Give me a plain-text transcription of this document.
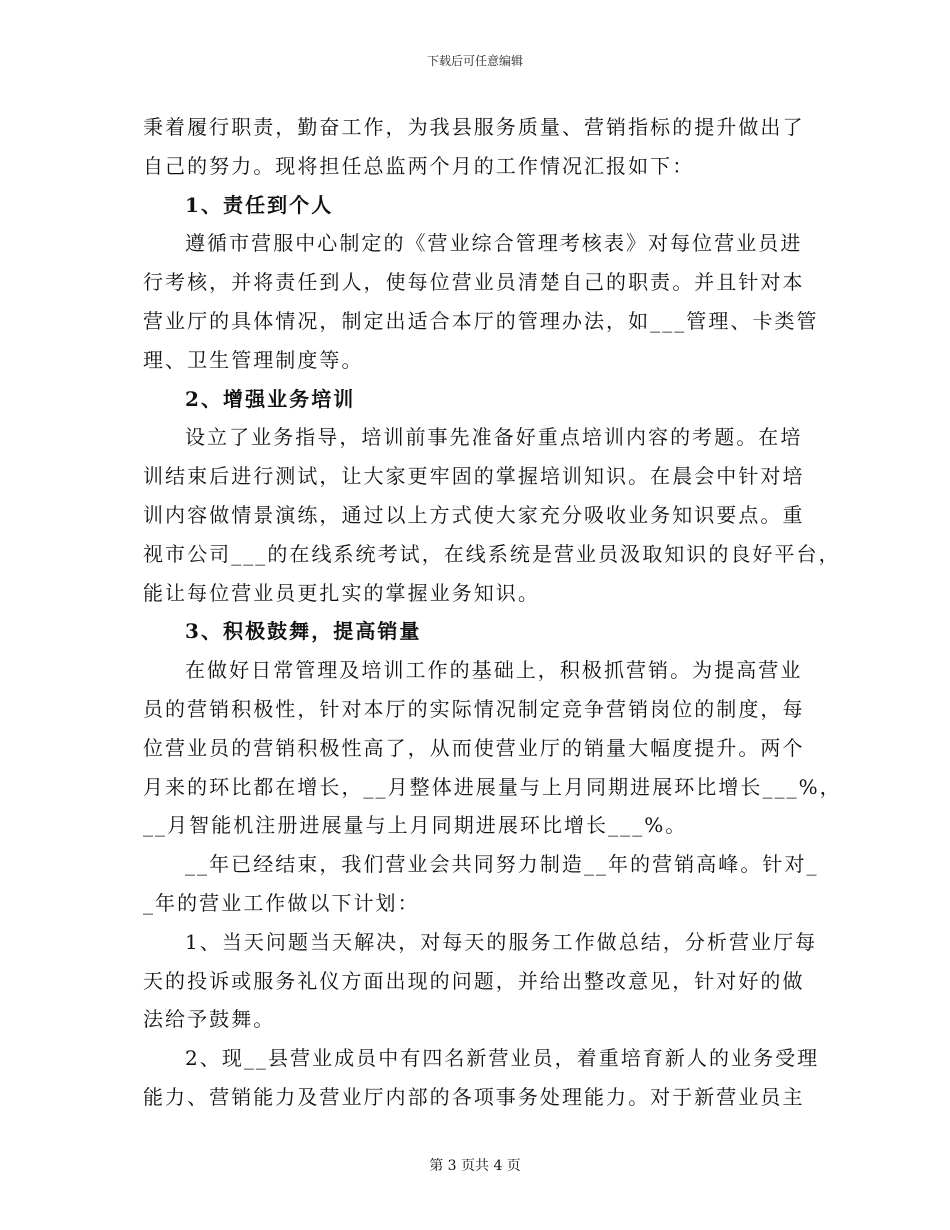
下载后可任意编辑
秉着履行职责，勤奋工作，为我县服务质量、营销指标的提升做出了
自己的努力。现将担任总监两个月的工作情况汇报如下：
1、责任到个人
遵循市营服中心制定的《营业综合管理考核表》对每位营业员进
行考核，并将责任到人，使每位营业员清楚自己的职责。并且针对本
营业厅的具体情况，制定出适合本厅的管理办法，如___管理、卡类管
理、卫生管理制度等。
2、增强业务培训
设立了业务指导，培训前事先准备好重点培训内容的考题。在培
训结束后进行测试，让大家更牢固的掌握培训知识。在晨会中针对培
训内容做情景演练，通过以上方式使大家充分吸收业务知识要点。重
视市公司___的在线系统考试，在线系统是营业员汲取知识的良好平台，
能让每位营业员更扎实的掌握业务知识。
3、积极鼓舞，提高销量
在做好日常管理及培训工作的基础上，积极抓营销。为提高营业
员的营销积极性，针对本厅的实际情况制定竞争营销岗位的制度，每
位营业员的营销积极性高了，从而使营业厅的销量大幅度提升。两个
月来的环比都在增长，__月整体进展量与上月同期进展环比增长___%，
__月智能机注册进展量与上月同期进展环比增长___%。
__年已经结束，我们营业会共同努力制造__年的营销高峰。针对_
_年的营业工作做以下计划：
1、当天问题当天解决，对每天的服务工作做总结，分析营业厅每
天的投诉或服务礼仪方面出现的问题，并给出整改意见，针对好的做
法给予鼓舞。
2、现__县营业成员中有四名新营业员，着重培育新人的业务受理
能力、营销能力及营业厅内部的各项事务处理能力。对于新营业员主
第 3 页共 4 页
